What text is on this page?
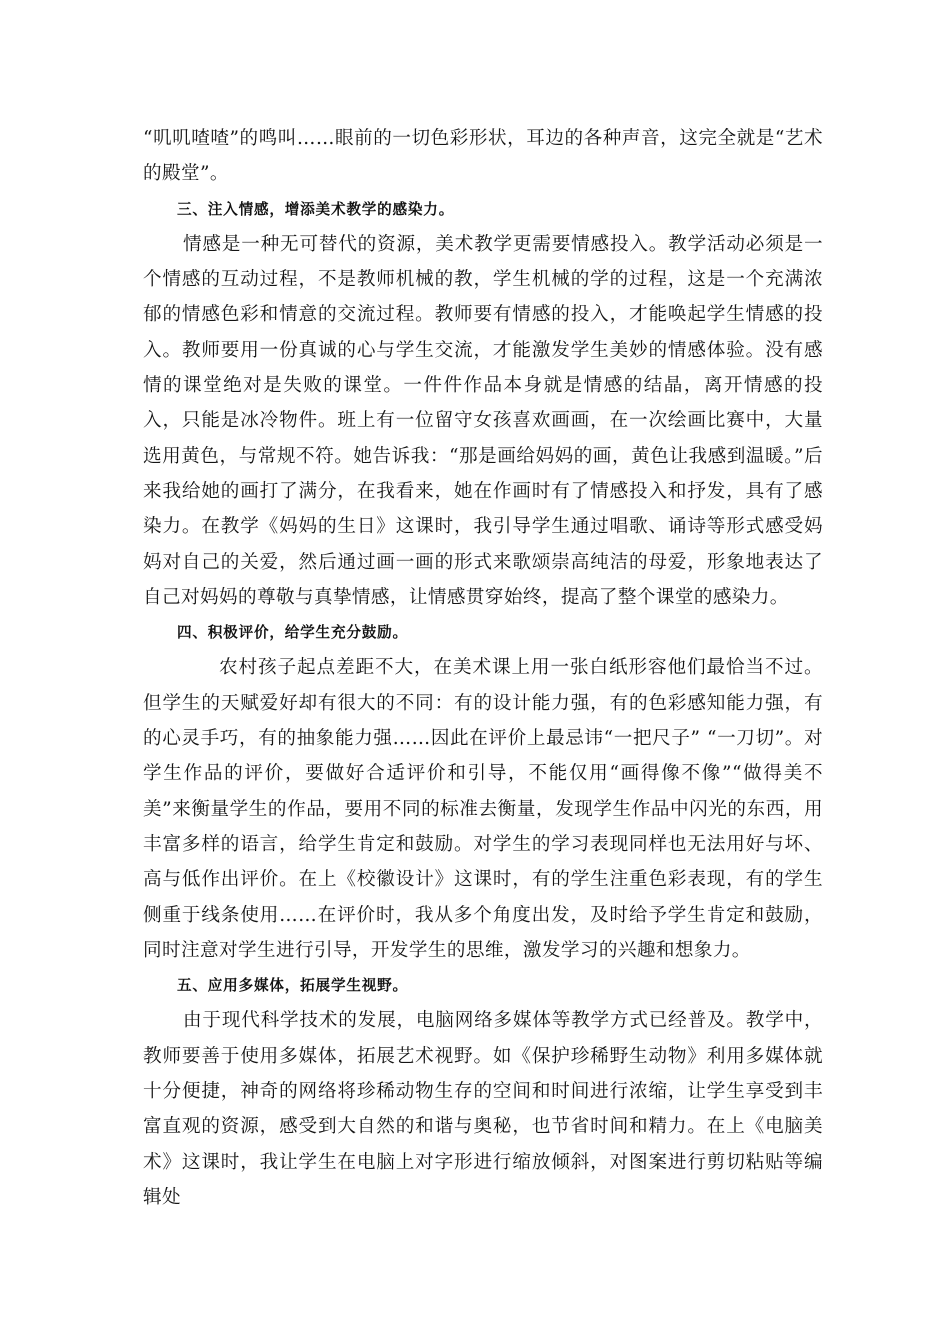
“叽叽喳喳”的鸣叫……眼前的一切色彩形状，耳边的各种声音，这完全就是“艺术的殿堂”。

三、注入情感，增添美术教学的感染力。

情感是一种无可替代的资源，美术教学更需要情感投入。教学活动必须是一个情感的互动过程，不是教师机械的教，学生机械的学的过程，这是一个充满浓郁的情感色彩和情意的交流过程。教师要有情感的投入，才能唤起学生情感的投入。教师要用一份真诚的心与学生交流，才能激发学生美妙的情感体验。没有感情的课堂绝对是失败的课堂。一件件作品本身就是情感的结晶，离开情感的投入，只能是冰冷物件。班上有一位留守女孩喜欢画画，在一次绘画比赛中，大量选用黄色，与常规不符。她告诉我：“那是画给妈妈的画，黄色让我感到温暖。”后来我给她的画打了满分，在我看来，她在作画时有了情感投入和抒发，具有了感染力。在教学《妈妈的生日》这课时，我引导学生通过唱歌、诵诗等形式感受妈妈对自己的关爱，然后通过画一画的形式来歌颂崇高纯洁的母爱，形象地表达了自己对妈妈的尊敬与真挚情感，让情感贯穿始终，提高了整个课堂的感染力。

四、积极评价，给学生充分鼓励。

农村孩子起点差距不大，在美术课上用一张白纸形容他们最恰当不过。但学生的天赋爱好却有很大的不同：有的设计能力强，有的色彩感知能力强，有的心灵手巧，有的抽象能力强……因此在评价上最忌讳“一把尺子” “一刀切”。对学生作品的评价，要做好合适评价和引导，不能仅用“画得像不像”“做得美不美”来衡量学生的作品，要用不同的标准去衡量，发现学生作品中闪光的东西，用丰富多样的语言，给学生肯定和鼓励。对学生的学习表现同样也无法用好与坏、高与低作出评价。在上《校徽设计》这课时，有的学生注重色彩表现，有的学生侧重于线条使用……在评价时，我从多个角度出发，及时给予学生肯定和鼓励，同时注意对学生进行引导，开发学生的思维，激发学习的兴趣和想象力。

五、应用多媒体，拓展学生视野。

由于现代科学技术的发展，电脑网络多媒体等教学方式已经普及。教学中，教师要善于使用多媒体，拓展艺术视野。如《保护珍稀野生动物》利用多媒体就十分便捷，神奇的网络将珍稀动物生存的空间和时间进行浓缩，让学生享受到丰富直观的资源，感受到大自然的和谐与奥秘，也节省时间和精力。在上《电脑美术》这课时，我让学生在电脑上对字形进行缩放倾斜，对图案进行剪切粘贴等编辑处
